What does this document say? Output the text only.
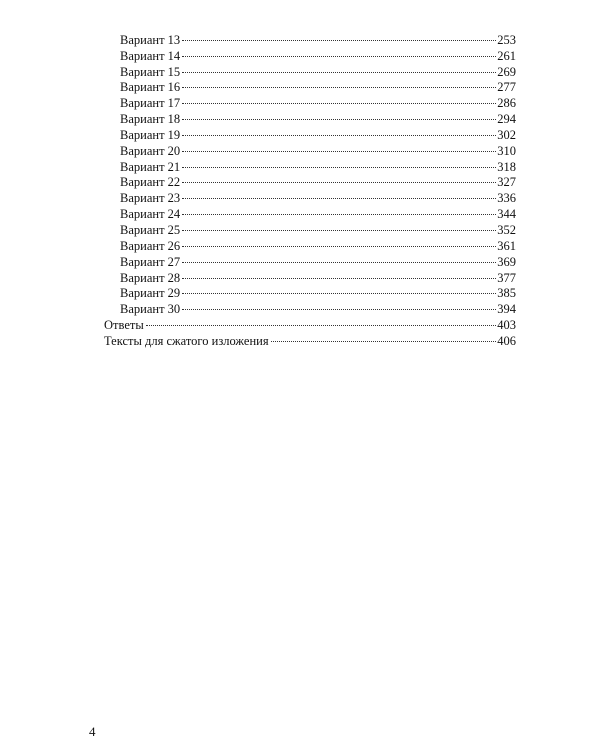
Вариант 13	253
Вариант 14	261
Вариант 15	269
Вариант 16	277
Вариант 17	286
Вариант 18	294
Вариант 19	302
Вариант 20	310
Вариант 21	318
Вариант 22	327
Вариант 23	336
Вариант 24	344
Вариант 25	352
Вариант 26	361
Вариант 27	369
Вариант 28	377
Вариант 29	385
Вариант 30	394
Ответы	403
Тексты для сжатого изложения	406
4
